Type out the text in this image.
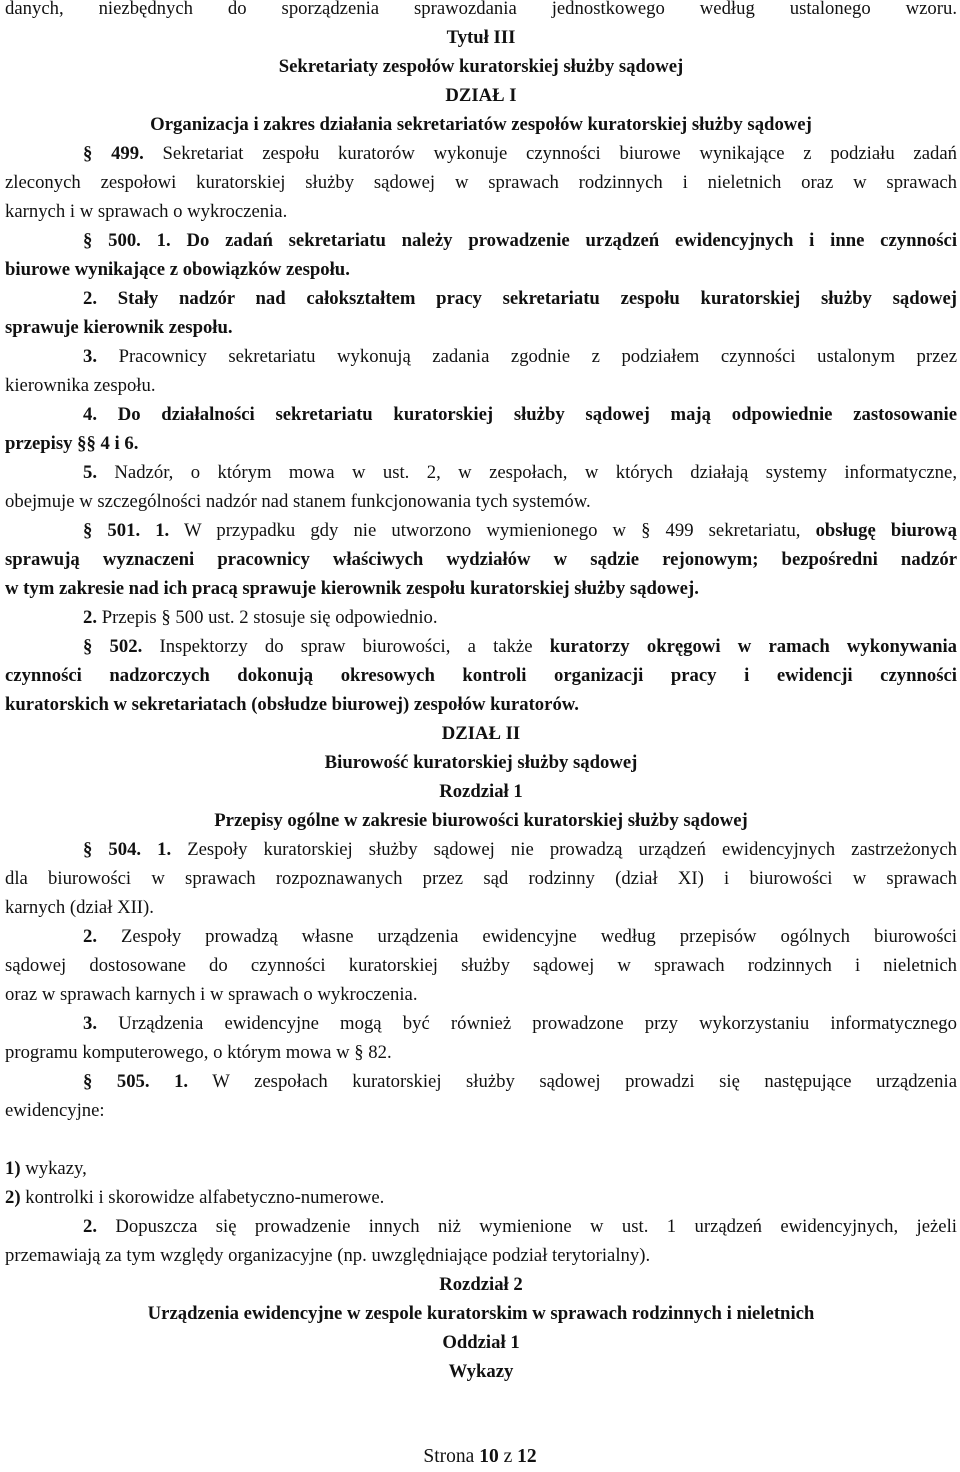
danych, niezbędnych do sporządzenia sprawozdania jednostkowego według ustalonego wzoru.
Tytuł III
Sekretariaty zespołów kuratorskiej służby sądowej
DZIAŁ I
Organizacja i zakres działania sekretariatów zespołów kuratorskiej służby sądowej
§ 499. Sekretariat zespołu kuratorów wykonuje czynności biurowe wynikające z podziału zadań
zleconych zespołowi kuratorskiej służby sądowej w sprawach rodzinnych i nieletnich oraz w sprawach
karnych i w sprawach o wykroczenia.
§ 500. 1. Do zadań sekretariatu należy prowadzenie urządzeń ewidencyjnych i inne czynności
biurowe wynikające z obowiązków zespołu.
2. Stały nadzór nad całokształtem pracy sekretariatu zespołu kuratorskiej służby sądowej
sprawuje kierownik zespołu.
3. Pracownicy sekretariatu wykonują zadania zgodnie z podziałem czynności ustalonym przez
kierownika zespołu.
4. Do działalności sekretariatu kuratorskiej służby sądowej mają odpowiednie zastosowanie
przepisy §§ 4 i 6.
5. Nadzór, o którym mowa w ust. 2, w zespołach, w których działają systemy informatyczne,
obejmuje w szczególności nadzór nad stanem funkcjonowania tych systemów.
§ 501. 1. W przypadku gdy nie utworzono wymienionego w § 499 sekretariatu, obsługę biurową
sprawują wyznaczeni pracownicy właściwych wydziałów w sądzie rejonowym; bezpośredni nadzór
w tym zakresie nad ich pracą sprawuje kierownik zespołu kuratorskiej służby sądowej.
2. Przepis § 500 ust. 2 stosuje się odpowiednio.
§ 502. Inspektorzy do spraw biurowości, a także kuratorzy okręgowi w ramach wykonywania
czynności nadzorczych dokonują okresowych kontroli organizacji pracy i ewidencji czynności
kuratorskich w sekretariatach (obsłudze biurowej) zespołów kuratorów.
DZIAŁ II
Biurowość kuratorskiej służby sądowej
Rozdział 1
Przepisy ogólne w zakresie biurowości kuratorskiej służby sądowej
§ 504. 1. Zespoły kuratorskiej służby sądowej nie prowadzą urządzeń ewidencyjnych zastrzeżonych
dla biurowości w sprawach rozpoznawanych przez sąd rodzinny (dział XI) i biurowości w sprawach
karnych (dział XII).
2. Zespoły prowadzą własne urządzenia ewidencyjne według przepisów ogólnych biurowości
sądowej dostosowane do czynności kuratorskiej służby sądowej w sprawach rodzinnych i nieletnich
oraz w sprawach karnych i w sprawach o wykroczenia.
3. Urządzenia ewidencyjne mogą być również prowadzone przy wykorzystaniu informatycznego
programu komputerowego, o którym mowa w § 82.
§ 505. 1. W zespołach kuratorskiej służby sądowej prowadzi się następujące urządzenia
ewidencyjne:
1) wykazy,
2) kontrolki i skorowidze alfabetyczno-numerowe.
2. Dopuszcza się prowadzenie innych niż wymienione w ust. 1 urządzeń ewidencyjnych, jeżeli
przemawiają za tym względy organizacyjne (np. uwzględniające podział terytorialny).
Rozdział 2
Urządzenia ewidencyjne w zespole kuratorskim w sprawach rodzinnych i nieletnich
Oddział 1
Wykazy
Strona 10 z 12
